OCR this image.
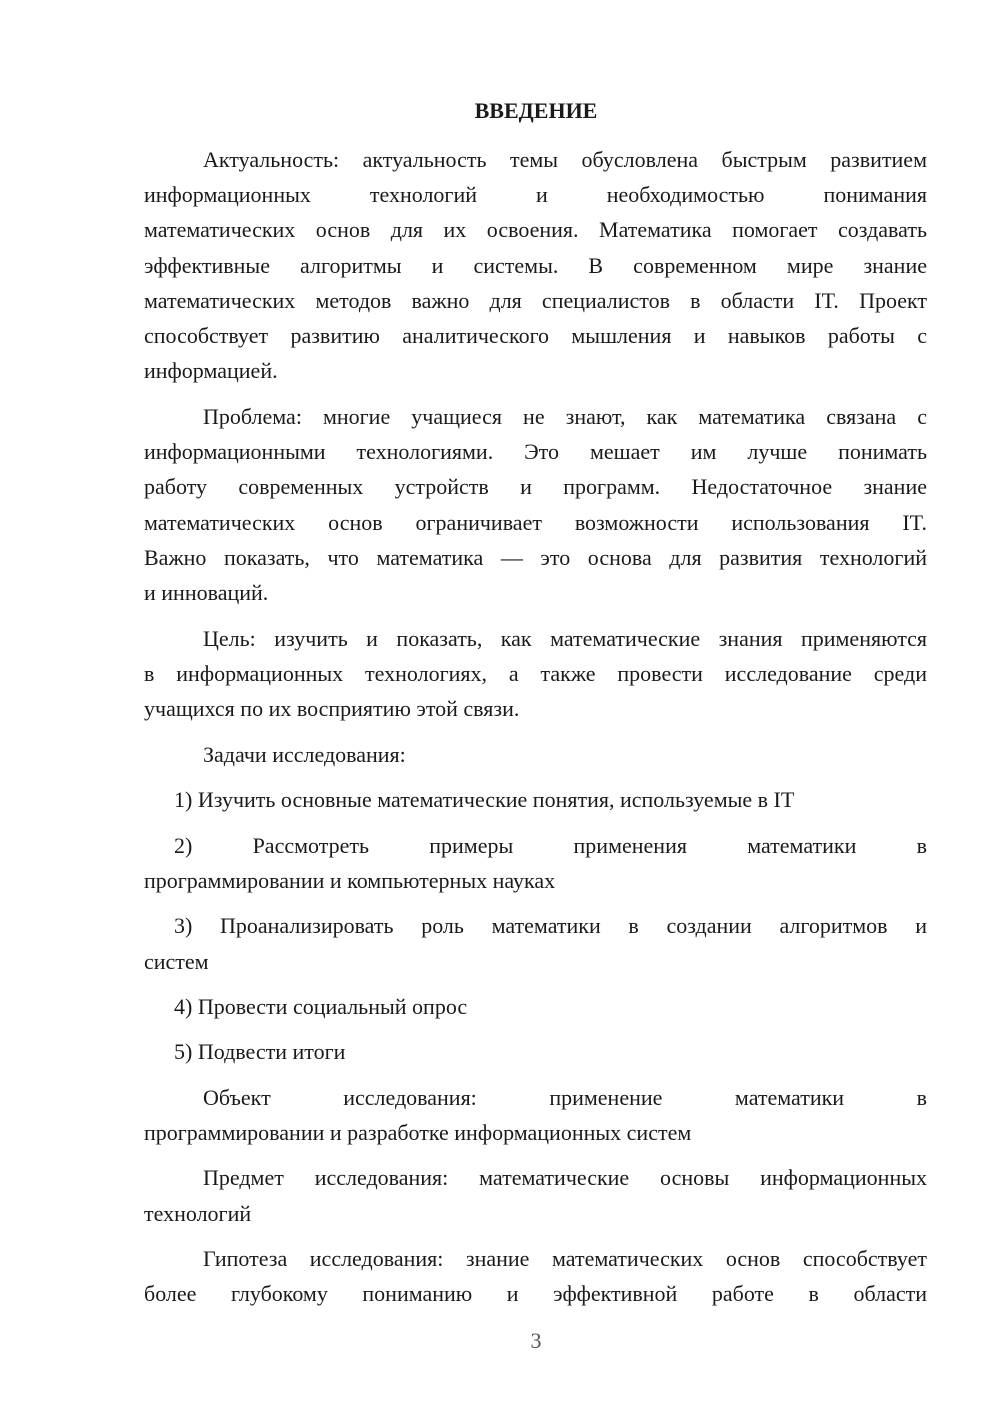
ВВЕДЕНИЕ
Актуальность: актуальность темы обусловлена быстрым развитием
информационных технологий и необходимостью понимания
математических основ для их освоения. Математика помогает создавать
эффективные алгоритмы и системы. В современном мире знание
математических методов важно для специалистов в области IT. Проект
способствует развитию аналитического мышления и навыков работы с
информацией.
Проблема: многие учащиеся не знают, как математика связана с
информационными технологиями. Это мешает им лучше понимать
работу современных устройств и программ. Недостаточное знание
математических основ ограничивает возможности использования IT.
Важно показать, что математика — это основа для развития технологий
и инноваций.
Цель: изучить и показать, как математические знания применяются
в информационных технологиях, а также провести исследование среди
учащихся по их восприятию этой связи.
Задачи исследования:
1) Изучить основные математические понятия, используемые в IT
2) Рассмотреть примеры применения математики в
программировании и компьютерных науках
3) Проанализировать роль математики в создании алгоритмов и
систем
4) Провести социальный опрос
5) Подвести итоги
Объект исследования: применение математики в
программировании и разработке информационных систем
Предмет исследования: математические основы информационных
технологий
Гипотеза исследования: знание математических основ способствует
более глубокому пониманию и эффективной работе в области
3
